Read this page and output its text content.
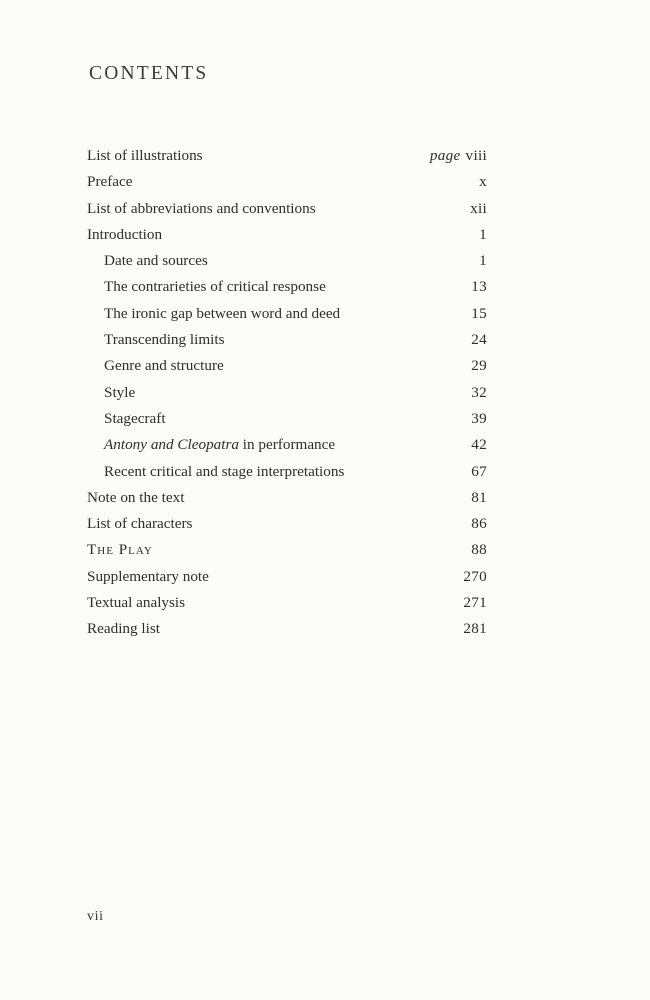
CONTENTS
List of illustrations	page viii
Preface	x
List of abbreviations and conventions	xii
Introduction	1
Date and sources	1
The contrarieties of critical response	13
The ironic gap between word and deed	15
Transcending limits	24
Genre and structure	29
Style	32
Stagecraft	39
Antony and Cleopatra in performance	42
Recent critical and stage interpretations	67
Note on the text	81
List of characters	86
The Play	88
Supplementary note	270
Textual analysis	271
Reading list	281
vii
